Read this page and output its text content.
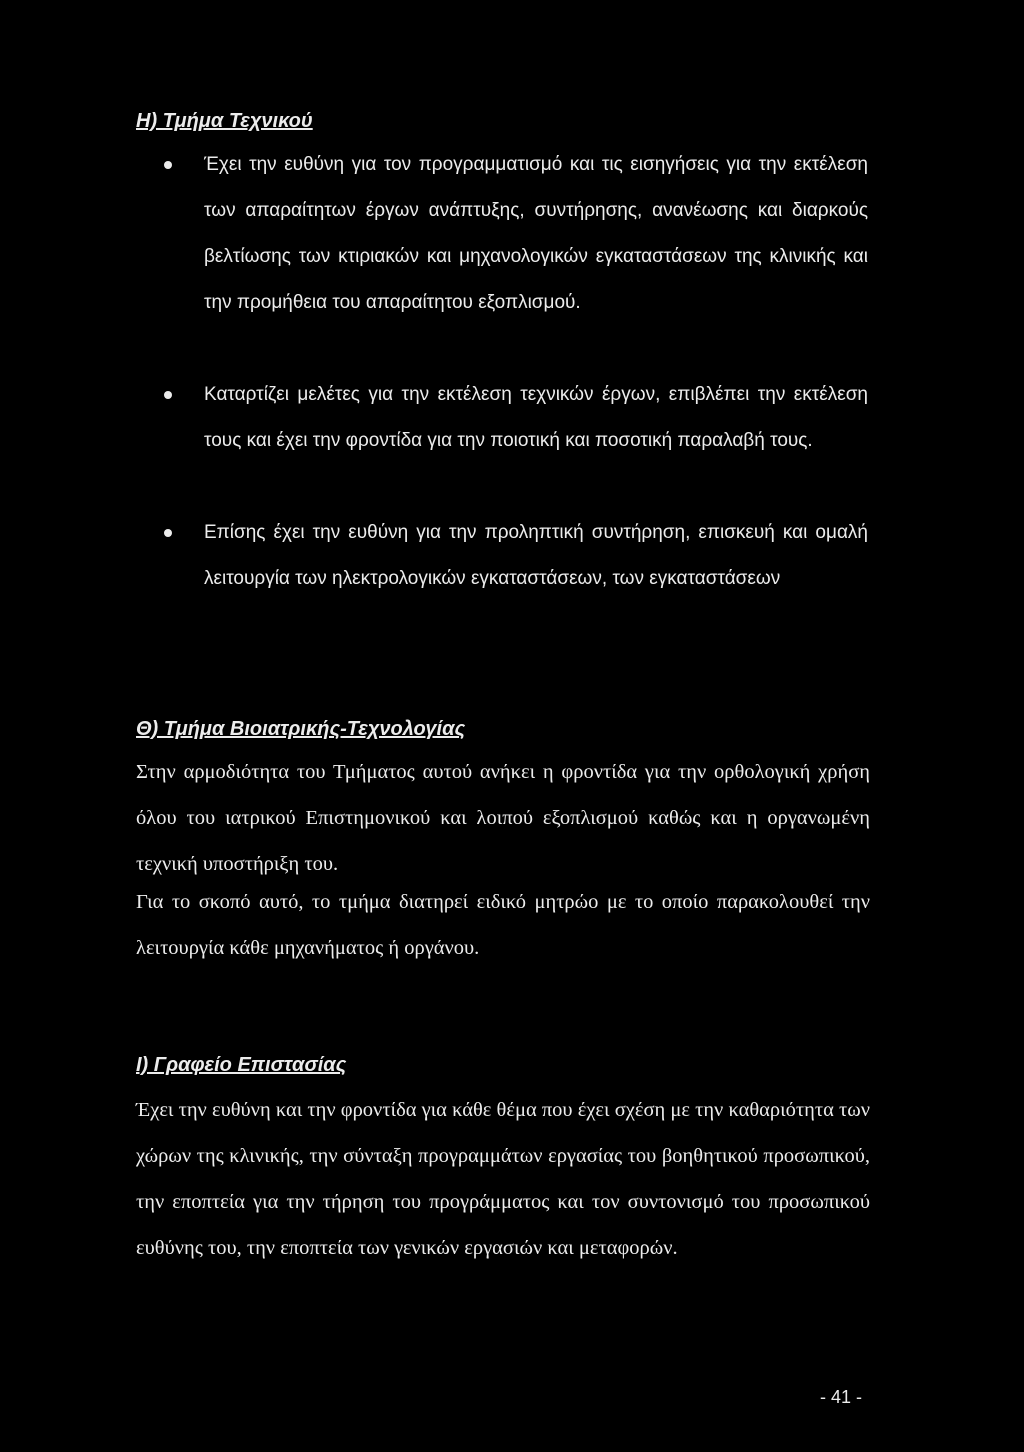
Η) Τμήμα Τεχνικού
Έχει την ευθύνη για τον προγραμματισμό και τις εισηγήσεις για την εκτέλεση των απαραίτητων έργων ανάπτυξης, συντήρησης, ανανέωσης και διαρκούς βελτίωσης των κτιριακών και μηχανολογικών εγκαταστάσεων της κλινικής και την προμήθεια του απαραίτητου εξοπλισμού.
Καταρτίζει μελέτες για την εκτέλεση τεχνικών έργων, επιβλέπει την εκτέλεση τους και έχει την φροντίδα για την ποιοτική και ποσοτική παραλαβή τους.
Επίσης έχει την ευθύνη για την προληπτική συντήρηση, επισκευή και ομαλή λειτουργία των ηλεκτρολογικών εγκαταστάσεων, των εγκαταστάσεων
Θ) Τμήμα Βιοιατρικής-Τεχνολογίας

Στην αρμοδιότητα του Τμήματος αυτού ανήκει η φροντίδα για την ορθολογική χρήση όλου του ιατρικού Επιστημονικού και λοιπού εξοπλισμού καθώς και η οργανωμένη τεχνική υποστήριξη του.

Για το σκοπό αυτό, το τμήμα διατηρεί ειδικό μητρώο με το οποίο παρακολουθεί την λειτουργία κάθε μηχανήματος ή οργάνου.

Ι) Γραφείο Επιστασίας

Έχει την ευθύνη και την φροντίδα για κάθε θέμα που έχει σχέση με την καθαριότητα των χώρων της κλινικής, την σύνταξη προγραμμάτων εργασίας του βοηθητικού προσωπικού, την εποπτεία για την τήρηση του προγράμματος και τον συντονισμό του προσωπικού ευθύνης του, την εποπτεία των γενικών εργασιών και μεταφορών.

- 41 -
